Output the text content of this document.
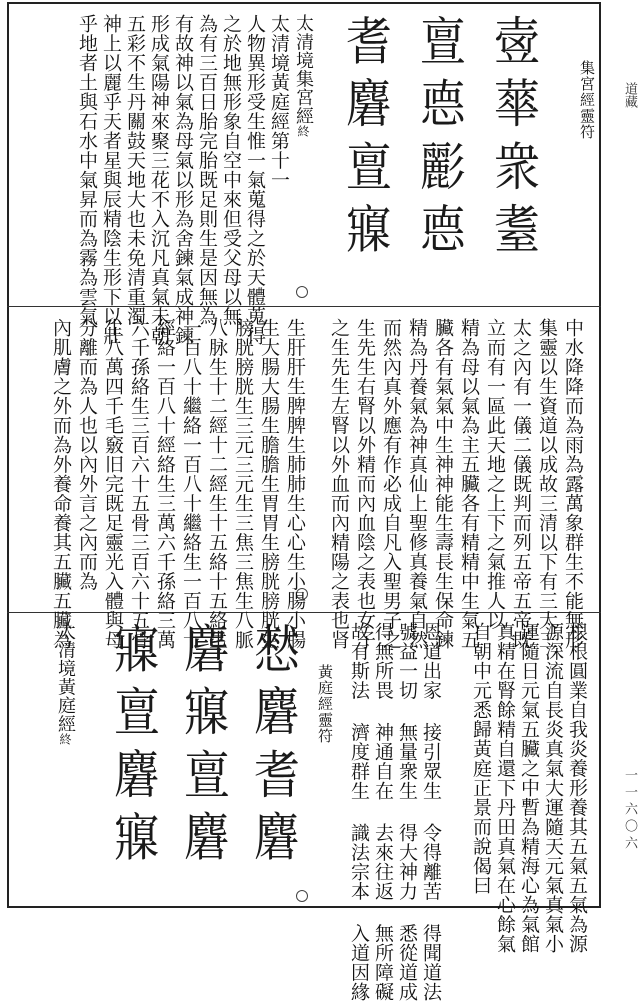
道藏
一一六〇六
集宮經靈符
㚃蕐衆耋
亶㥁彲㥁
耆麏亶寱
太清境集宮經終
太清境黃庭經第十一
人物異形受生惟一氣蒐得之於天體蒐得
之於地無形象自空中來但受父母以無
為有三百日胎完胎既足則生是因無為
有故神以氣為母氣以形為舍鍊氣成神鍊
形成氣陽神來聚三花不入沉凡真氣未朝
五彩不生丹關鼓天地大也未免清重濁
神上以麗乎天者星與辰精陰生形下以壯
乎地者土與石水中氣昇而為霧為雲氣
中水降降而為雨為露萬象群生不能無形
集靈以生資道以成故三清以下有三大三
太之內有一儀二儀既判而列五帝五帝既
立而有一區此天地之上下之氣推人以
精為母以氣為主五臟各有精精中生氣五
臟各有氣氣中生神神能生壽長生保命鍊
精為丹養氣為神真仙上聖修真養氣自然
而然內真外應有作必成自凡入聖男子之
生先生右腎以外精而內血陰之表也女子
之生先生左腎以外血而內精陽之表也肾
生肝肝生脾脾生肺肺生心心生小腸小腸
生大腸大腸生膽膽生胃胃生膀胱膀胱生
膀胱膀胱生三元三元生三焦三焦生八脈
八脉生十二經十二經生十五絡十五絡生
一百八十繼絡一百八十繼絡生一百八十
經絡一百八十經絡生三萬六千孫絡三萬
六千孫絡生三百六十五骨三百六十五骨
生八萬四千毛竅旧完既足靈光入體與母
分離而為人也以內外言之內而為
內肌膚之外而為外養命養其五臟五臟為
根根圓業自我炎養形養其五氣五氣為源
源深流自長炎真氣大運隨天元氣真氣小
運隨日元氣五臟之中暫為精海心為氣館
真精在腎餘精自還下丹田真氣在心餘氣
自朝中元悉歸黃庭正景而說偈曰
恩道出家 接引眾生 令得離苦 得聞道法
號益一切 無量衆生 得大神力 悉從道成
得無所畏 神通自在 去來往返 無所障礙
故有斯法 濟度群生 識法宗本 入道因緣
黃庭經靈符
憖麏耆麏
麏寱亶麏
寱亶麏寱
太清境黃庭經終
